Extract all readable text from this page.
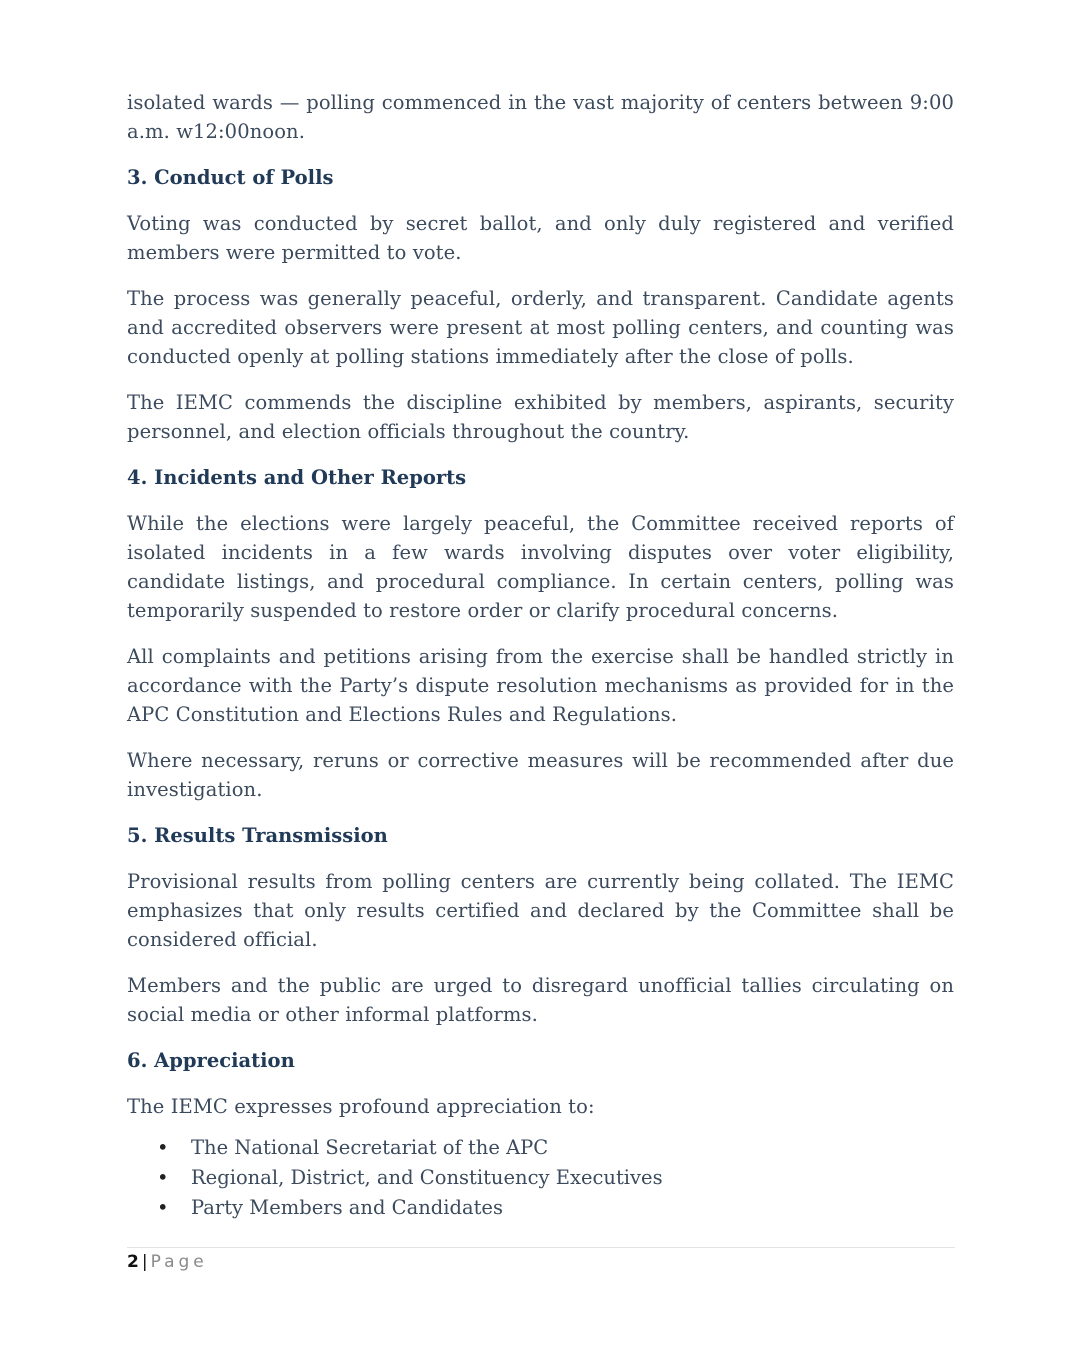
isolated wards — polling commenced in the vast majority of centers between 9:00 a.m. w12:00noon.

3. Conduct of Polls

Voting was conducted by secret ballot, and only duly registered and verified members were permitted to vote.

The process was generally peaceful, orderly, and transparent. Candidate agents and accredited observers were present at most polling centers, and counting was conducted openly at polling stations immediately after the close of polls.

The IEMC commends the discipline exhibited by members, aspirants, security personnel, and election officials throughout the country.

4. Incidents and Other Reports

While the elections were largely peaceful, the Committee received reports of isolated incidents in a few wards involving disputes over voter eligibility, candidate listings, and procedural compliance. In certain centers, polling was temporarily suspended to restore order or clarify procedural concerns.

All complaints and petitions arising from the exercise shall be handled strictly in accordance with the Party’s dispute resolution mechanisms as provided for in the APC Constitution and Elections Rules and Regulations.

Where necessary, reruns or corrective measures will be recommended after due investigation.

5. Results Transmission

Provisional results from polling centers are currently being collated. The IEMC emphasizes that only results certified and declared by the Committee shall be considered official.

Members and the public are urged to disregard unofficial tallies circulating on social media or other informal platforms.

6. Appreciation

The IEMC expresses profound appreciation to:

• The National Secretariat of the APC
• Regional, District, and Constituency Executives
• Party Members and Candidates
2 | Page
